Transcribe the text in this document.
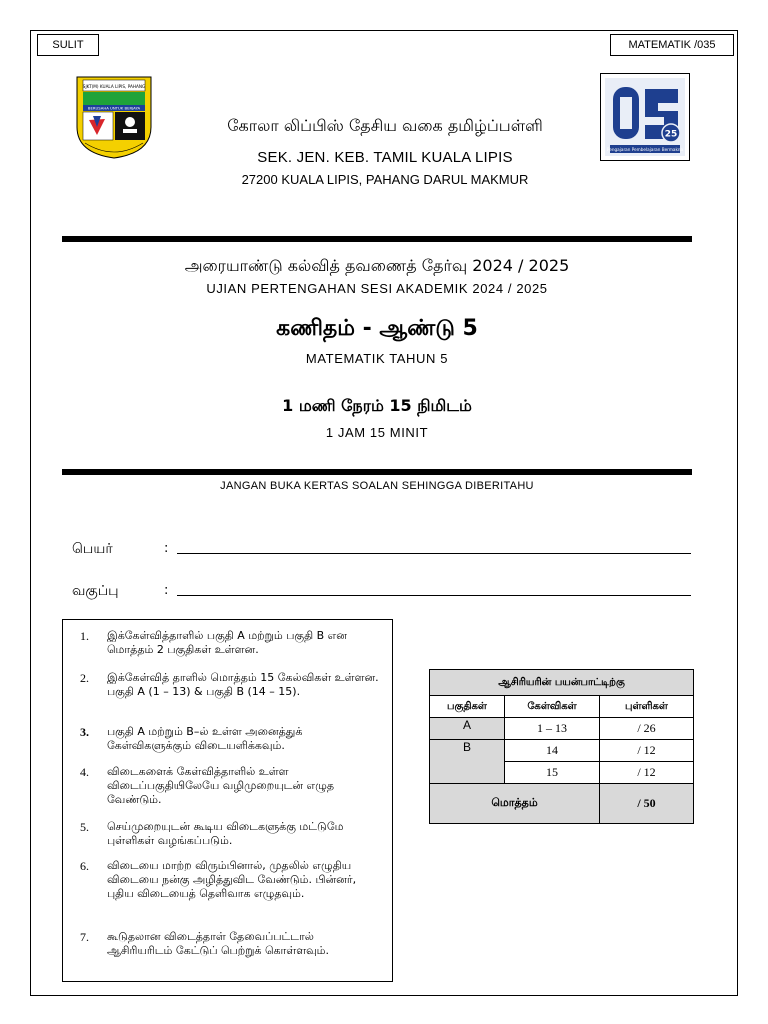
SULIT	MATEMATIK /035
SJKT(M) KUALA LIPIS, PAHANG
BERUSAHA UNTUK BERJAYA
25
Pengajaran Pembelajaran Bermakna
கோலா லிப்பிஸ் தேசிய வகை தமிழ்ப்பள்ளி
SEK. JEN. KEB. TAMIL KUALA LIPIS
27200 KUALA LIPIS, PAHANG DARUL MAKMUR
அரையாண்டு கல்வித் தவணைத் தேர்வு 2024 / 2025
UJIAN PERTENGAHAN SESI AKADEMIK 2024 / 2025
கணிதம் - ஆண்டு 5
MATEMATIK TAHUN 5
1 மணி நேரம் 15 நிமிடம்
1 JAM 15 MINIT
JANGAN BUKA KERTAS SOALAN SEHINGGA DIBERITAHU
பெயர்	:
வகுப்பு	:
1. இக்கேள்வித்தாளில் பகுதி A மற்றும் பகுதி B என மொத்தம் 2 பகுதிகள் உள்ளன.
2. இக்கேள்வித் தாளில் மொத்தம் 15 கேல்விகள் உள்ளன. பகுதி A (1 – 13) & பகுதி B (14 – 15).
3. பகுதி A மற்றும் B–ல் உள்ள அனைத்துக் கேள்விகளுக்கும் விடையளிக்கவும்.
4. விடைகளைக் கேள்வித்தாளில் உள்ள விடைப்பகுதியிலேயே வழிமுறையுடன் எழுத வேண்டும்.
5. செய்முறையுடன் கூடிய விடைகளுக்கு மட்டுமே புள்ளிகள் வழங்கப்படும்.
6. விடையை மாற்ற விரும்பினால், முதலில் எழுதிய விடையை நன்கு அழித்துவிட வேண்டும். பின்னர், புதிய விடையைத் தெளிவாக எழுதவும்.
7. கூடுதலான விடைத்தாள் தேவைப்பட்டால் ஆசிரியரிடம் கேட்டுப் பெற்றுக் கொள்ளவும்.
ஆசிரியரின் பயன்பாட்டிற்கு		
பகுதிகள்	கேள்விகள்	புள்ளிகள்
A	1 – 13	/ 26
B	14	/ 12
	15	/ 12
மொத்தம்		/ 50
